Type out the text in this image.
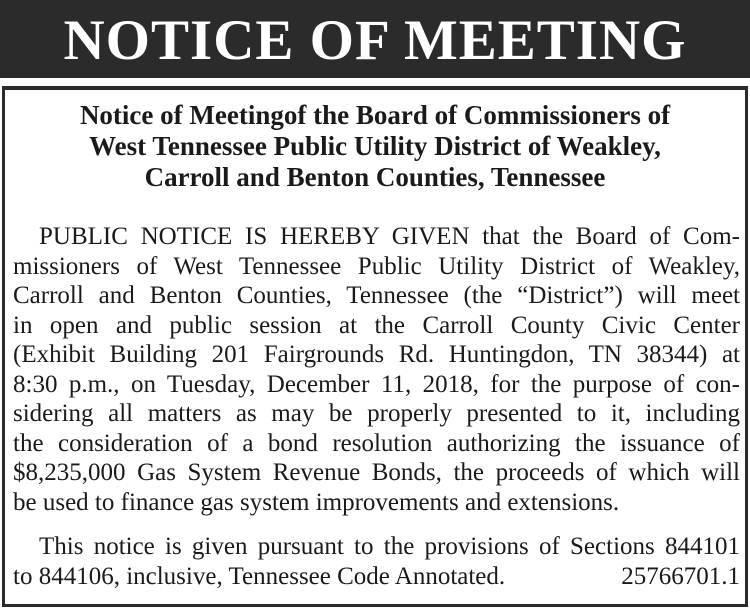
NOTICE OF MEETING
Notice of Meetingof the Board of Commissioners of
West Tennessee Public Utility District of Weakley,
Carroll and Benton Counties, Tennessee
PUBLIC NOTICE IS HEREBY GIVEN that the Board of Com-
missioners of West Tennessee Public Utility District of Weakley,
Carroll and Benton Counties, Tennessee (the “District”) will meet
in open and public session at the Carroll County Civic Center
(Exhibit Building 201 Fairgrounds Rd. Huntingdon, TN 38344) at
8:30 p.m., on Tuesday, December 11, 2018, for the purpose of con-
sidering all matters as may be properly presented to it, including
the consideration of a bond resolution authorizing the issuance of
$8,235,000 Gas System Revenue Bonds, the proceeds of which will
be used to finance gas system improvements and extensions.
This notice is given pursuant to the provisions of Sections 844101
to 844106, inclusive, Tennessee Code Annotated.	25766701.1
